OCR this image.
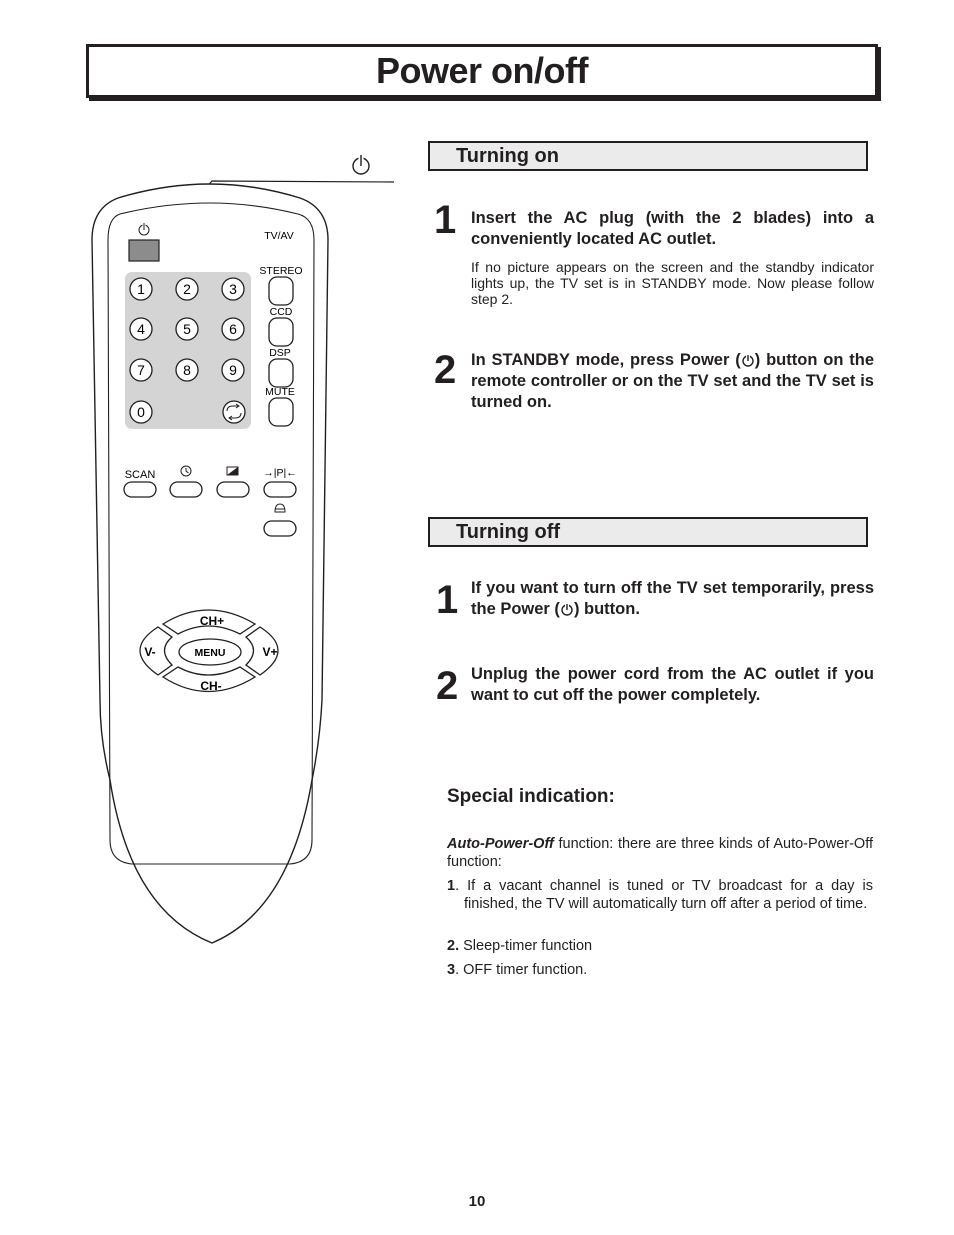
Power on/off
TV/AV
STEREO
CCD
DSP
MUTE
1	2	3
4	5	6
7	8	9
0
SCAN	→|P|←
CH+
CH-
V-	V+
MENU
Turning on
1 Insert the AC plug (with the 2 blades) into a conveniently located AC outlet.
If no picture appears on the screen and the standby indicator lights up, the TV set is in STANDBY mode. Now please follow step 2.
2 In STANDBY mode, press Power ( ) button on the remote controller or on the TV set and the TV set is turned on.
Turning off
1 If you want to turn off the TV set temporarily, press the Power ( ) button.
2 Unplug the power cord from the AC outlet if you want to cut off the power completely.
Special indication:
Auto-Power-Off function: there are three kinds of Auto-Power-Off function:
1. If a vacant channel is tuned or TV broadcast for a day is finished, the TV will automatically turn off after a period of time.
2. Sleep-timer function
3. OFF timer function.
10
